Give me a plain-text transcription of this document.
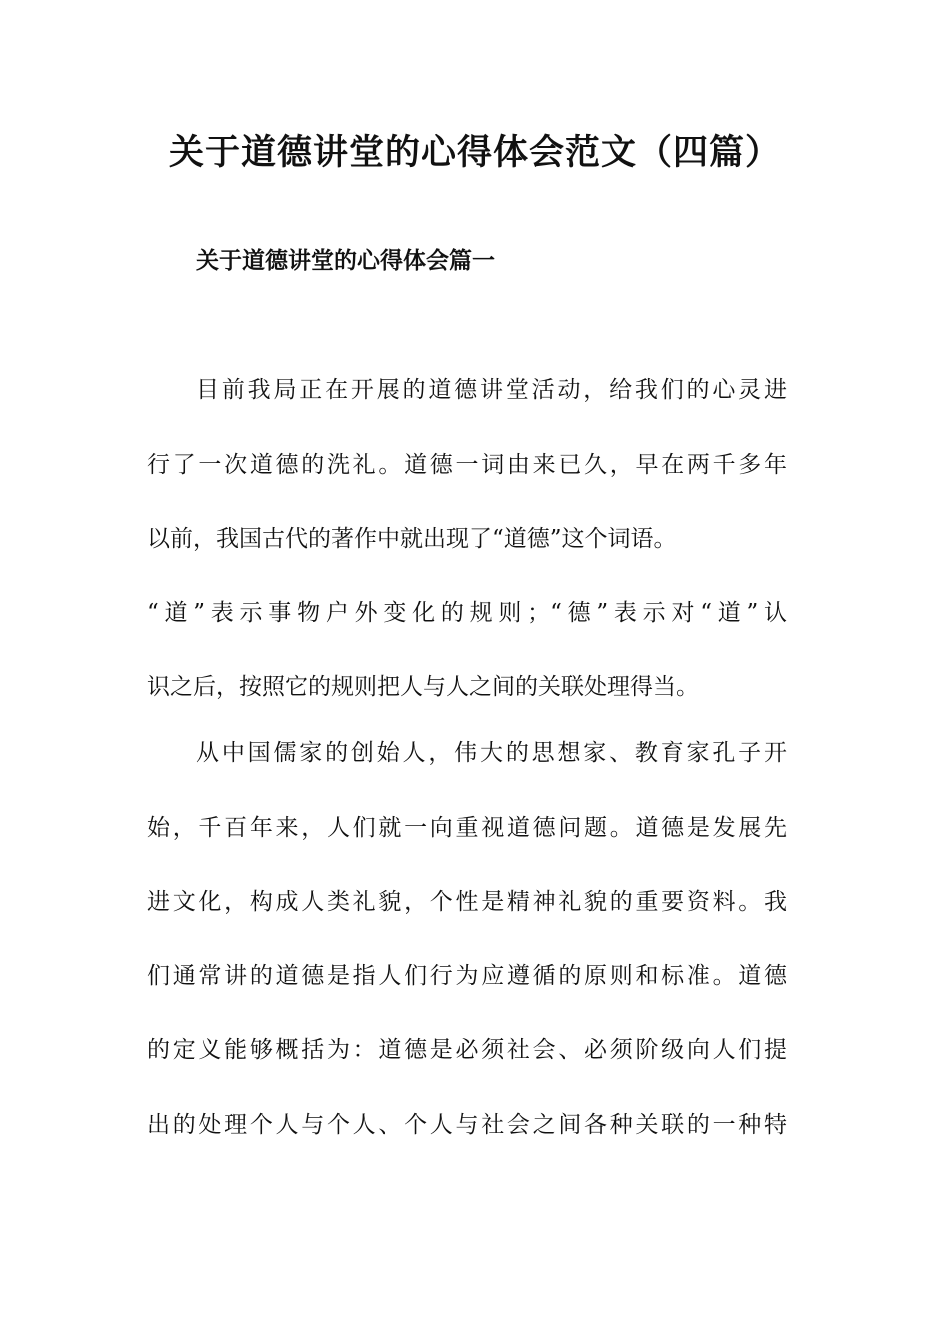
关于道德讲堂的心得体会范文（四篇）
关于道德讲堂的心得体会篇一
目前我局正在开展的道德讲堂活动，给我们的心灵进
行了一次道德的洗礼。道德一词由来已久，早在两千多年
以前，我国古代的著作中就出现了“道德”这个词语。
“道”表示事物户外变化的规则；“德”表示对“道”认
识之后，按照它的规则把人与人之间的关联处理得当。
从中国儒家的创始人，伟大的思想家、教育家孔子开
始，千百年来，人们就一向重视道德问题。道德是发展先
进文化，构成人类礼貌，个性是精神礼貌的重要资料。我
们通常讲的道德是指人们行为应遵循的原则和标准。道德
的定义能够概括为：道德是必须社会、必须阶级向人们提
出的处理个人与个人、个人与社会之间各种关联的一种特
